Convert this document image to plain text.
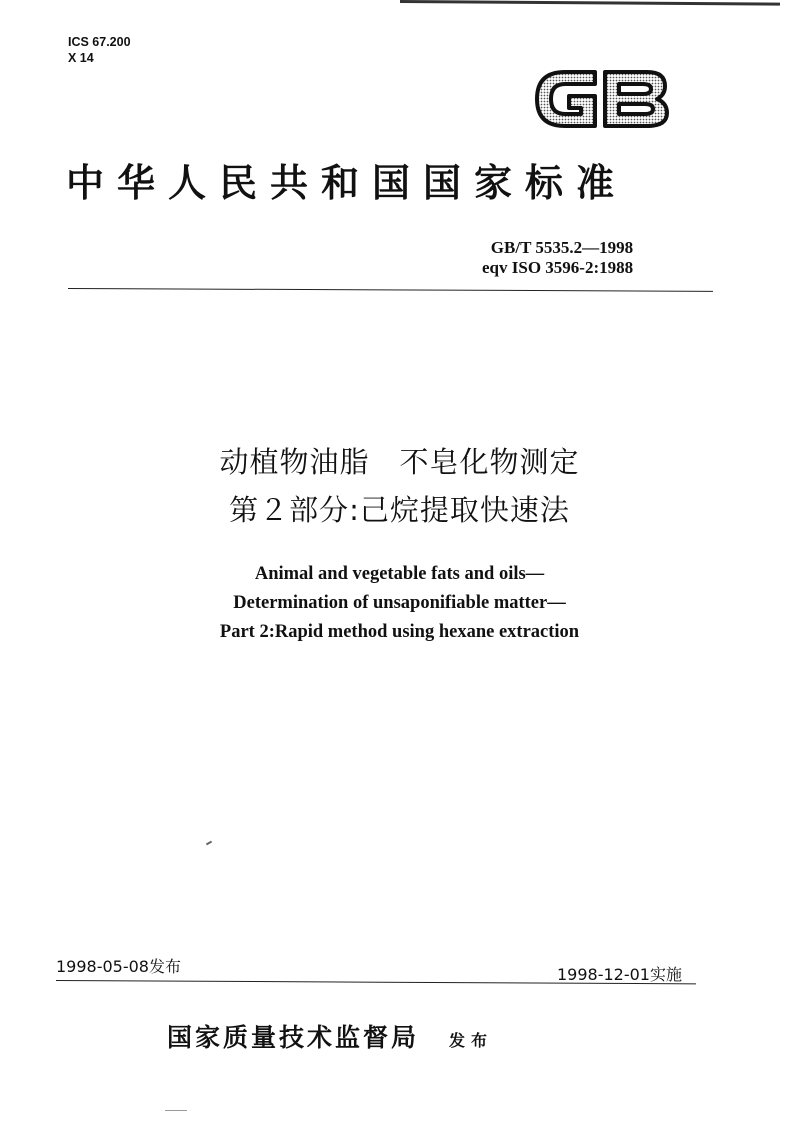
ICS 67.200
X 14
中华人民共和国国家标准
GB/T 5535.2—1998
eqv ISO 3596-2:1988
动植物油脂　不皂化物测定
第２部分:己烷提取快速法
Animal and vegetable fats and oils—
Determination of unsaponifiable matter—
Part 2:Rapid method using hexane extraction
1998-05-08发布	1998-12-01实施
国家质量技术监督局 发布
